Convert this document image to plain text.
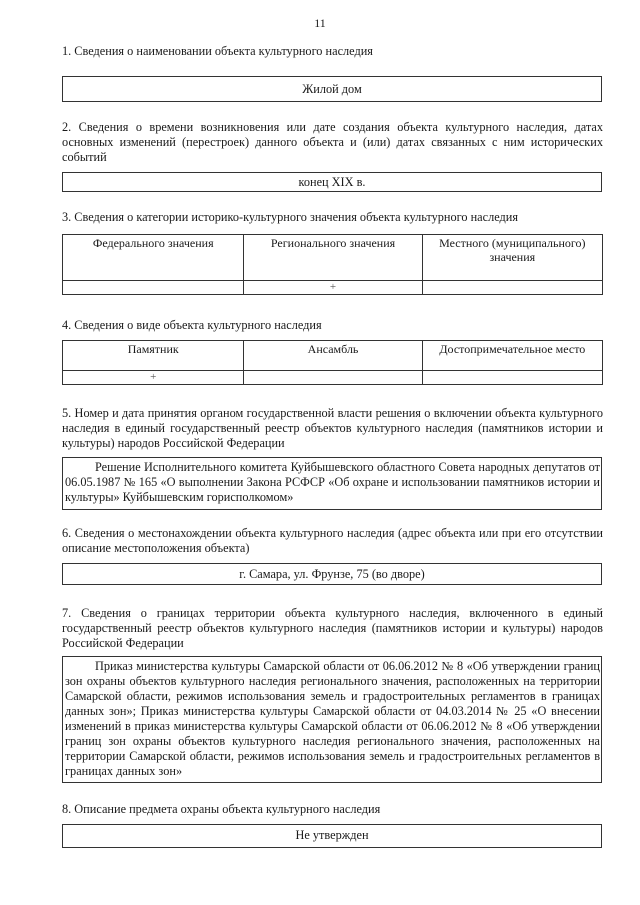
11
1. Сведения о наименовании объекта культурного наследия
Жилой дом
2. Сведения о времени возникновения или дате создания объекта культурного наследия, датах основных изменений (перестроек) данного объекта и (или) датах связанных с ним исторических событий
конец XIX в.
3. Сведения о категории историко-культурного значения объекта культурного наследия
Федерального значения	Регионального значения	Местного (муниципального) значения
	+	
4. Сведения о виде объекта культурного наследия
Памятник	Ансамбль	Достопримечательное место
+		
5. Номер и дата принятия органом государственной власти решения о включении объекта культурного наследия в единый государственный реестр объектов культурного наследия (памятников истории и культуры) народов Российской Федерации
Решение Исполнительного комитета Куйбышевского областного Совета народных депутатов от 06.05.1987 № 165 «О выполнении Закона РСФСР «Об охране и использовании памятников истории и культуры» Куйбышевским горисполкомом»
6. Сведения о местонахождении объекта культурного наследия (адрес объекта или при его отсутствии описание местоположения объекта)
г. Самара, ул. Фрунзе, 75 (во дворе)
7. Сведения о границах территории объекта культурного наследия, включенного в единый государственный реестр объектов культурного наследия (памятников истории и культуры) народов Российской Федерации
Приказ министерства культуры Самарской области от 06.06.2012 № 8 «Об утверждении границ зон охраны объектов культурного наследия регионального значения, расположенных на территории Самарской области, режимов использования земель и градостроительных регламентов в границах данных зон»; Приказ министерства культуры Самарской области от 04.03.2014 № 25 «О внесении изменений в приказ министерства культуры Самарской области от 06.06.2012 № 8 «Об утверждении границ зон охраны объектов культурного наследия регионального значения, расположенных на территории Самарской области, режимов использования земель и градостроительных регламентов в границах данных зон»
8. Описание предмета охраны объекта культурного наследия
Не утвержден
